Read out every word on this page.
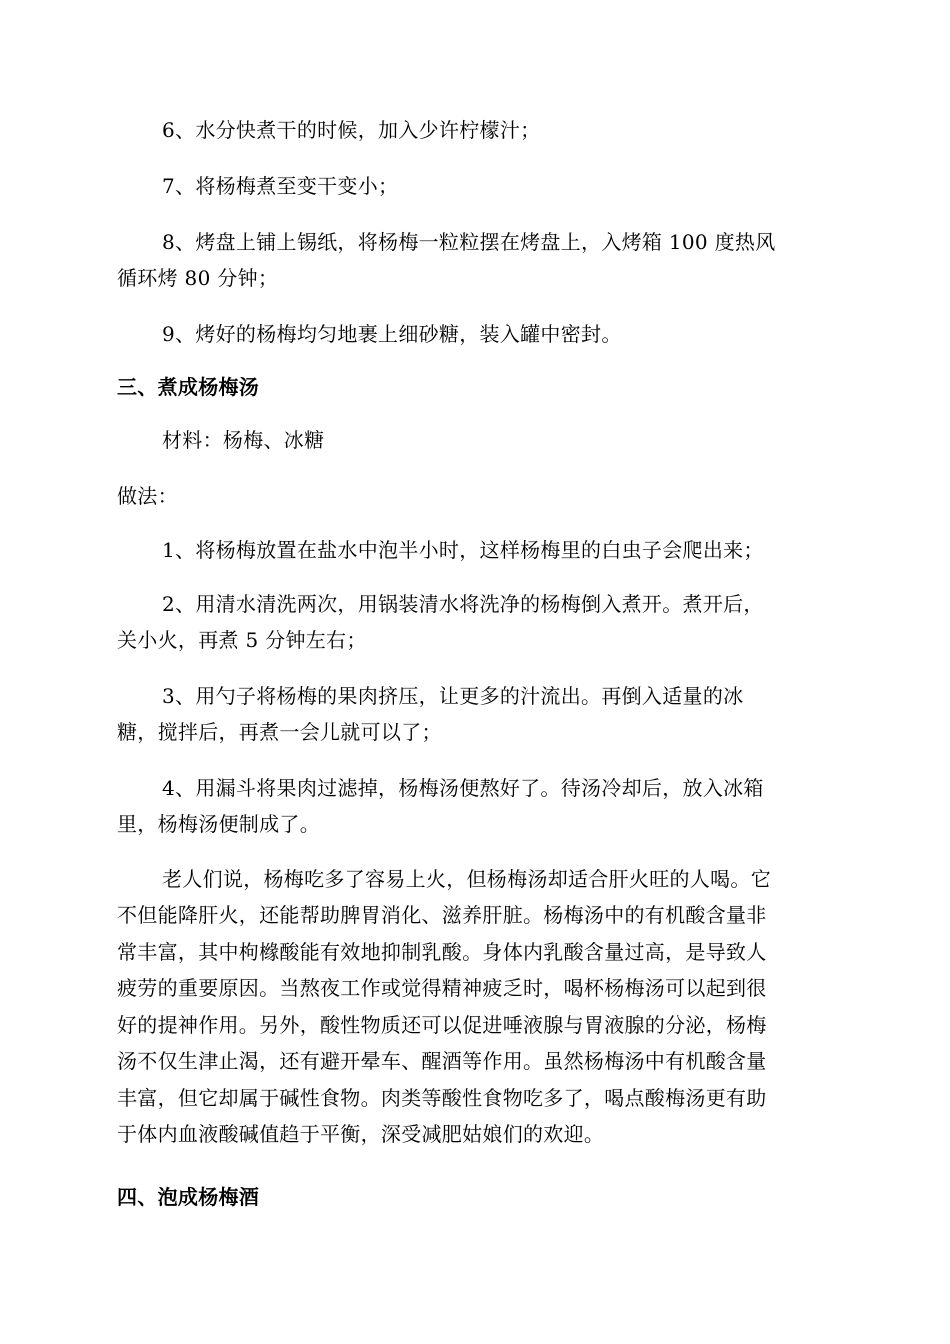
6、水分快煮干的时候，加入少许柠檬汁；
7、将杨梅煮至变干变小；
8、烤盘上铺上锡纸，将杨梅一粒粒摆在烤盘上，入烤箱 100 度热风
循环烤 80 分钟；
9、烤好的杨梅均匀地裹上细砂糖，装入罐中密封。
三、煮成杨梅汤
材料：杨梅、冰糖
做法：
1、将杨梅放置在盐水中泡半小时，这样杨梅里的白虫子会爬出来；
2、用清水清洗两次，用锅装清水将洗净的杨梅倒入煮开。煮开后，
关小火，再煮 5 分钟左右；
3、用勺子将杨梅的果肉挤压，让更多的汁流出。再倒入适量的冰
糖，搅拌后，再煮一会儿就可以了；
4、用漏斗将果肉过滤掉，杨梅汤便熬好了。待汤冷却后，放入冰箱
里，杨梅汤便制成了。
老人们说，杨梅吃多了容易上火，但杨梅汤却适合肝火旺的人喝。它
不但能降肝火，还能帮助脾胃消化、滋养肝脏。杨梅汤中的有机酸含量非
常丰富，其中枸橼酸能有效地抑制乳酸。身体内乳酸含量过高，是导致人
疲劳的重要原因。当熬夜工作或觉得精神疲乏时，喝杯杨梅汤可以起到很
好的提神作用。另外，酸性物质还可以促进唾液腺与胃液腺的分泌，杨梅
汤不仅生津止渴，还有避开晕车、醒酒等作用。虽然杨梅汤中有机酸含量
丰富，但它却属于碱性食物。肉类等酸性食物吃多了，喝点酸梅汤更有助
于体内血液酸碱值趋于平衡，深受减肥姑娘们的欢迎。
四、泡成杨梅酒
